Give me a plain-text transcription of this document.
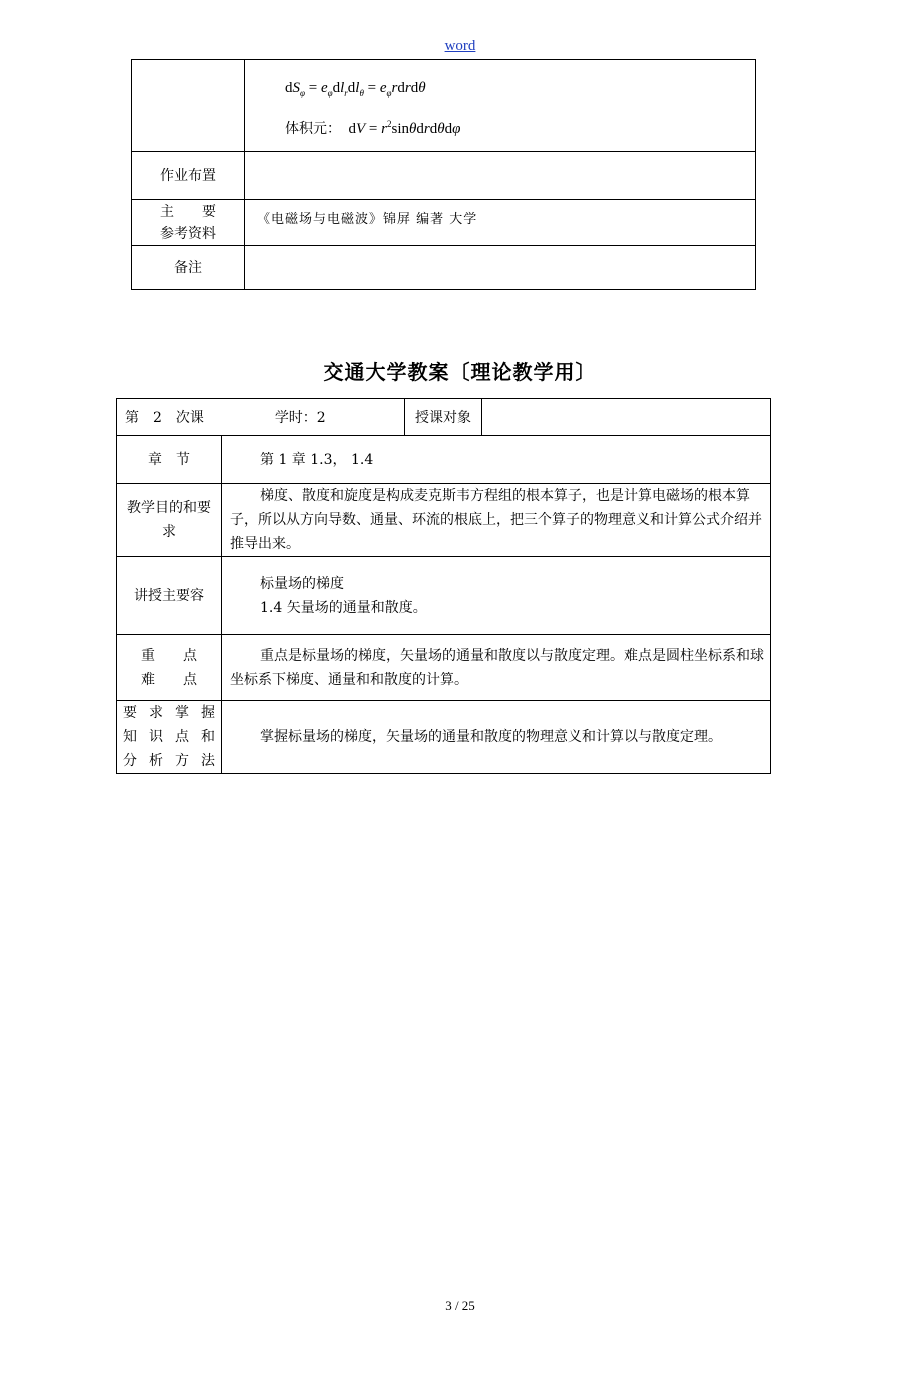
word

	$dS_\varphi = e_\varphi dl_rdl_\theta$ = $e_\varphi rdrd\theta$
体积元：  dV = $r^2\sin\theta drd\theta d\varphi$

作业布置	

主　　要
参考资料	《电磁场与电磁波》锦屏 编著 大学
备注	
交通大学教案〔理论教学用〕
第 2 次课 学时：2		授课对象	
章　节	第 1 章 1.3， 1.4		

教学目的和要求	梯度、散度和旋度是构成麦克斯韦方程组的根本算子，也是计算电磁场的根本算子，所以从方向导数、通量、环流的根底上，把三个算子的物理意义和计算公式介绍并推导出来。		

讲授主要容	标量场的梯度
1.4 矢量场的通量和散度。		

重　　点
难　　点	重点是标量场的梯度，矢量场的通量和散度以与散度定理。难点是圆柱坐标系和球坐标系下梯度、通量和和散度的计算。		

要求掌握
知识点和
分析方法	掌握标量场的梯度，矢量场的通量和散度的物理意义和计算以与散度定理。		
3 / 25
